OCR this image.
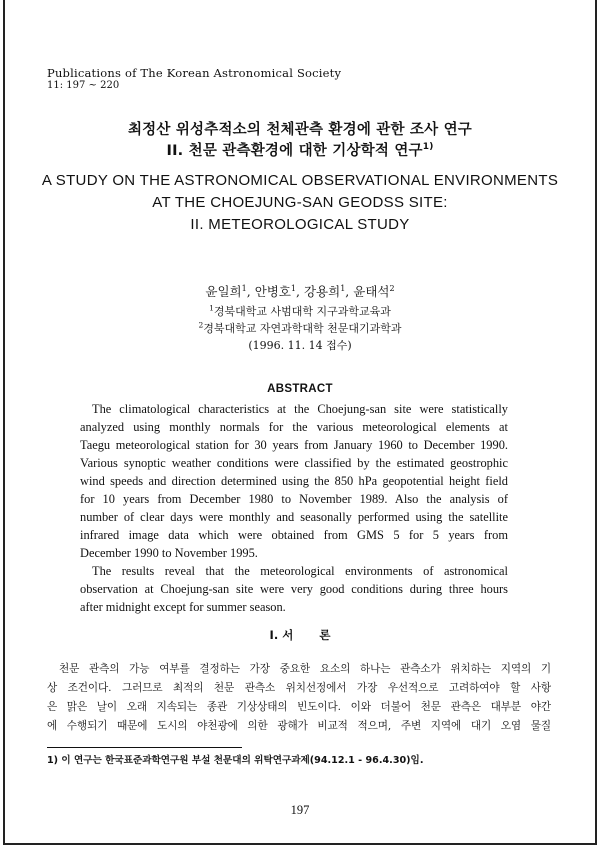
Publications of The Korean Astronomical Society
11: 197 ~ 220
최정산 위성추적소의 천체관측 환경에 관한 조사 연구
II. 천문 관측환경에 대한 기상학적 연구$^{1)}$
A STUDY ON THE ASTRONOMICAL OBSERVATIONAL ENVIRONMENTS
AT THE CHOEJUNG-SAN GEODSS SITE:
II. METEOROLOGICAL STUDY
윤일희$^1$, 안병호$^1$, 강용희$^1$, 윤태석$^2$
$^1$경북대학교 사범대학 지구과학교육과
$^2$경북대학교 자연과학대학 천문대기과학과
(1996. 11. 14 접수)
ABSTRACT
The climatological characteristics at the Choejung-san site were statistically
analyzed using monthly normals for the various meteorological elements at
Taegu meteorological station for 30 years from January 1960 to December 1990.
Various synoptic weather conditions were classified by the estimated geostrophic
wind speeds and direction determined using the 850 hPa geopotential height field
for 10 years from December 1980 to November 1989. Also the analysis of
number of clear days were monthly and seasonally performed using the satellite
infrared image data which were obtained from GMS 5 for 5 years from
December 1990 to November 1995.
The results reveal that the meteorological environments of astronomical
observation at Choejung-san site were very good conditions during three hours
after midnight except for summer season.
I. 서 론
천문 관측의 가능 여부를 결정하는 가장 중요한 요소의 하나는 관측소가 위치하는 지역의 기
상 조건이다. 그러므로 최적의 천문 관측소 위치선정에서 가장 우선적으로 고려하여야 할 사항
은 맑은 날이 오래 지속되는 종관 기상상태의 빈도이다. 이와 더불어 천문 관측은 대부분 야간
에 수행되기 때문에 도시의 야천광에 의한 광해가 비교적 적으며, 주변 지역에 대기 오염 물질
1) 이 연구는 한국표준과학연구원 부설 천문대의 위탁연구과제(94.12.1 - 96.4.30)임.
197
